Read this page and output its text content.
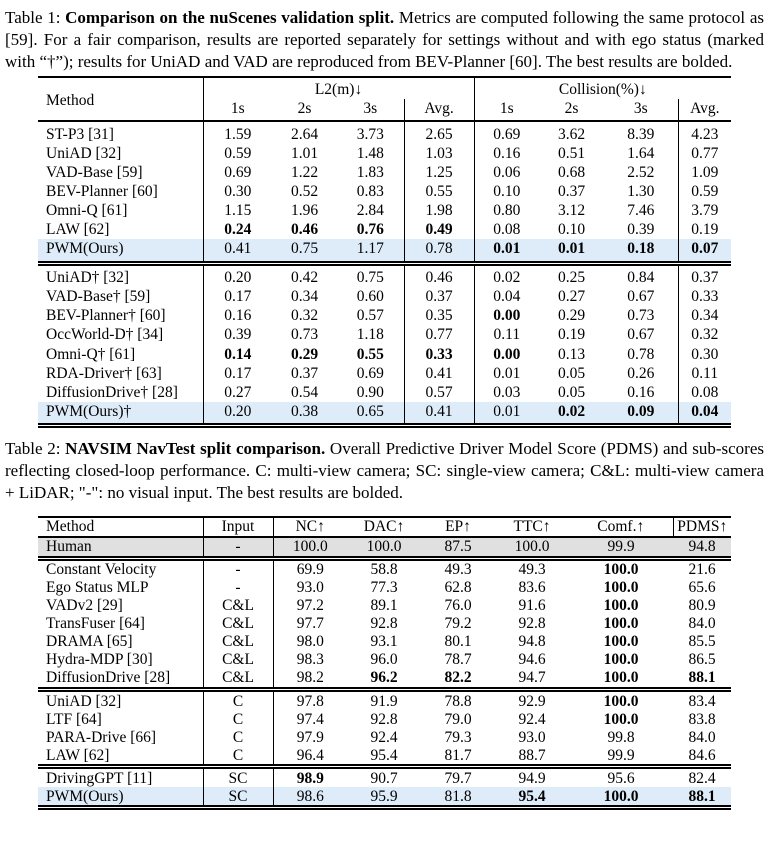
Table 1: Comparison on the nuScenes validation split. Metrics are computed following the same protocol as [59]. For a fair comparison, results are reported separately for settings without and with ego status (marked with “†”); results for UniAD and VAD are reproduced from BEV-Planner [60]. The best results are bolded.

Method	L2(m)↓				Collision(%)↓			
	1s	2s	3s	Avg.	1s	2s	3s	Avg.
ST-P3 [31]	1.59	2.64	3.73	2.65	0.69	3.62	8.39	4.23
UniAD [32]	0.59	1.01	1.48	1.03	0.16	0.51	1.64	0.77
VAD-Base [59]	0.69	1.22	1.83	1.25	0.06	0.68	2.52	1.09
BEV-Planner [60]	0.30	0.52	0.83	0.55	0.10	0.37	1.30	0.59
Omni-Q [61]	1.15	1.96	2.84	1.98	0.80	3.12	7.46	3.79
LAW [62]	0.24	0.46	0.76	0.49	0.08	0.10	0.39	0.19
PWM(Ours)	0.41	0.75	1.17	0.78	0.01	0.01	0.18	0.07
UniAD† [32]	0.20	0.42	0.75	0.46	0.02	0.25	0.84	0.37
VAD-Base† [59]	0.17	0.34	0.60	0.37	0.04	0.27	0.67	0.33
BEV-Planner† [60]	0.16	0.32	0.57	0.35	0.00	0.29	0.73	0.34
OccWorld-D† [34]	0.39	0.73	1.18	0.77	0.11	0.19	0.67	0.32
Omni-Q† [61]	0.14	0.29	0.55	0.33	0.00	0.13	0.78	0.30
RDA-Driver† [63]	0.17	0.37	0.69	0.41	0.01	0.05	0.26	0.11
DiffusionDrive† [28]	0.27	0.54	0.90	0.57	0.03	0.05	0.16	0.08
PWM(Ours)†	0.20	0.38	0.65	0.41	0.01	0.02	0.09	0.04

Table 2: NAVSIM NavTest split comparison. Overall Predictive Driver Model Score (PDMS) and sub-scores reflecting closed-loop performance. C: multi-view camera; SC: single-view camera; C&L: multi-view camera + LiDAR; "-": no visual input. The best results are bolded.

Method	Input	NC↑	DAC↑	EP↑	TTC↑	Comf.↑	PDMS↑
Human	-	100.0	100.0	87.5	100.0	99.9	94.8
Constant Velocity	-	69.9	58.8	49.3	49.3	100.0	21.6
Ego Status MLP	-	93.0	77.3	62.8	83.6	100.0	65.6
VADv2 [29]	C&L	97.2	89.1	76.0	91.6	100.0	80.9
TransFuser [64]	C&L	97.7	92.8	79.2	92.8	100.0	84.0
DRAMA [65]	C&L	98.0	93.1	80.1	94.8	100.0	85.5
Hydra-MDP [30]	C&L	98.3	96.0	78.7	94.6	100.0	86.5
DiffusionDrive [28]	C&L	98.2	96.2	82.2	94.7	100.0	88.1
UniAD [32]	C	97.8	91.9	78.8	92.9	100.0	83.4
LTF [64]	C	97.4	92.8	79.0	92.4	100.0	83.8
PARA-Drive [66]	C	97.9	92.4	79.3	93.0	99.8	84.0
LAW [62]	C	96.4	95.4	81.7	88.7	99.9	84.6
DrivingGPT [11]	SC	98.9	90.7	79.7	94.9	95.6	82.4
PWM(Ours)	SC	98.6	95.9	81.8	95.4	100.0	88.1
